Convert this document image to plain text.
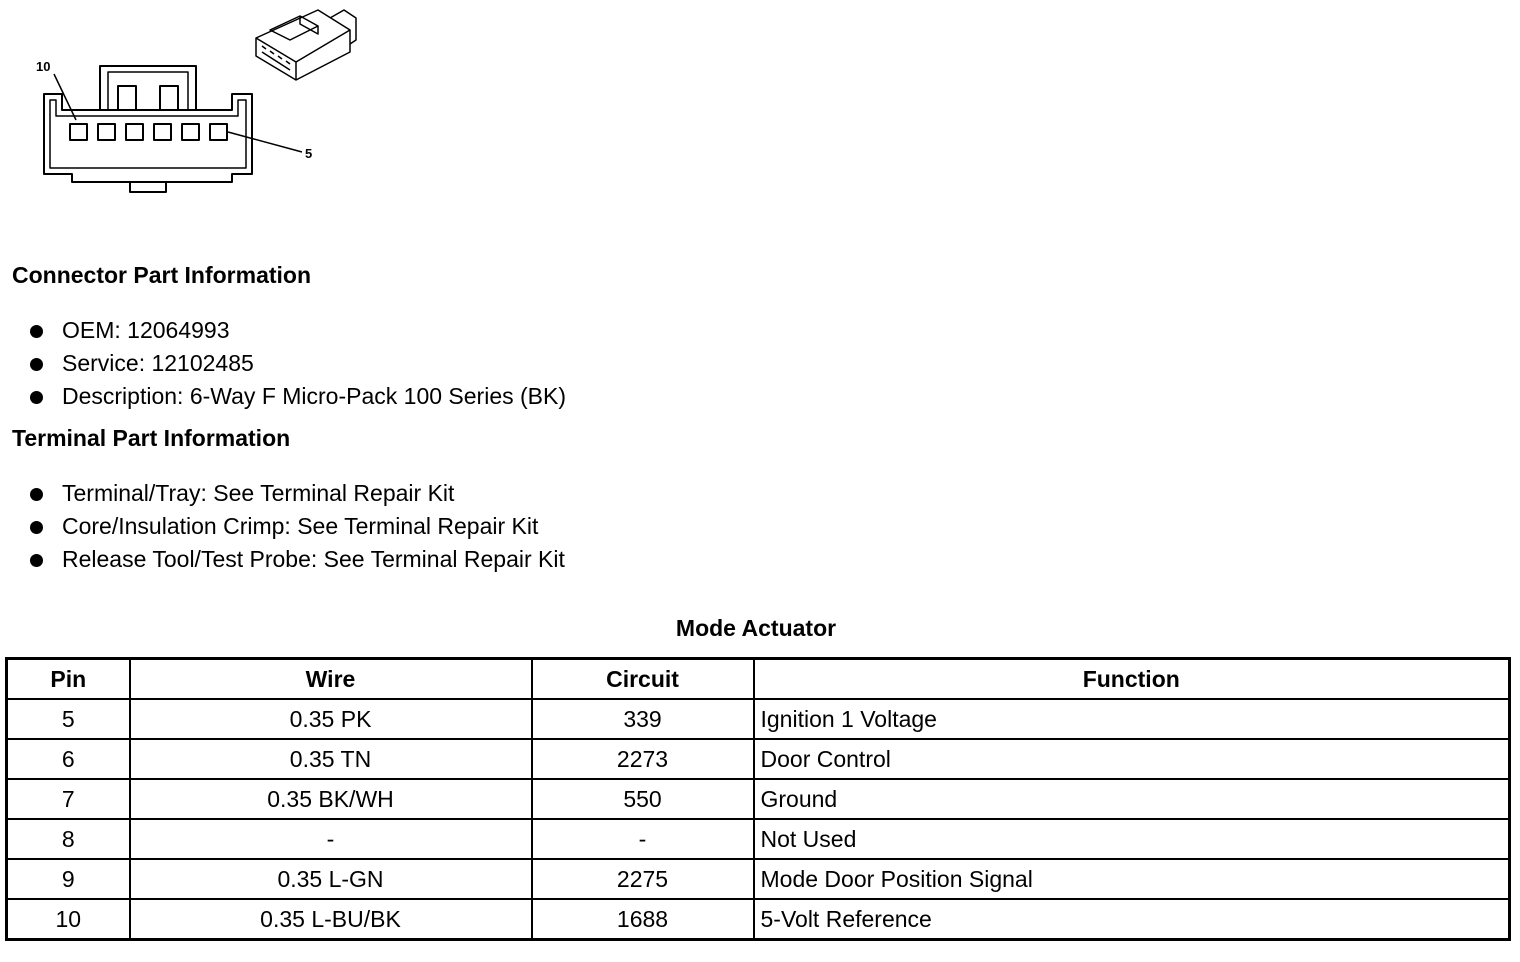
10
5
Connector Part Information
OEM: 12064993
Service: 12102485
Description: 6-Way F Micro-Pack 100 Series (BK)
Terminal Part Information
Terminal/Tray: See Terminal Repair Kit
Core/Insulation Crimp: See Terminal Repair Kit
Release Tool/Test Probe: See Terminal Repair Kit
Mode Actuator
Pin	Wire	Circuit	Function
5	0.35 PK	339	Ignition 1 Voltage
6	0.35 TN	2273	Door Control
7	0.35 BK/WH	550	Ground
8	-	-	Not Used
9	0.35 L-GN	2275	Mode Door Position Signal
10	0.35 L-BU/BK	1688	5-Volt Reference
